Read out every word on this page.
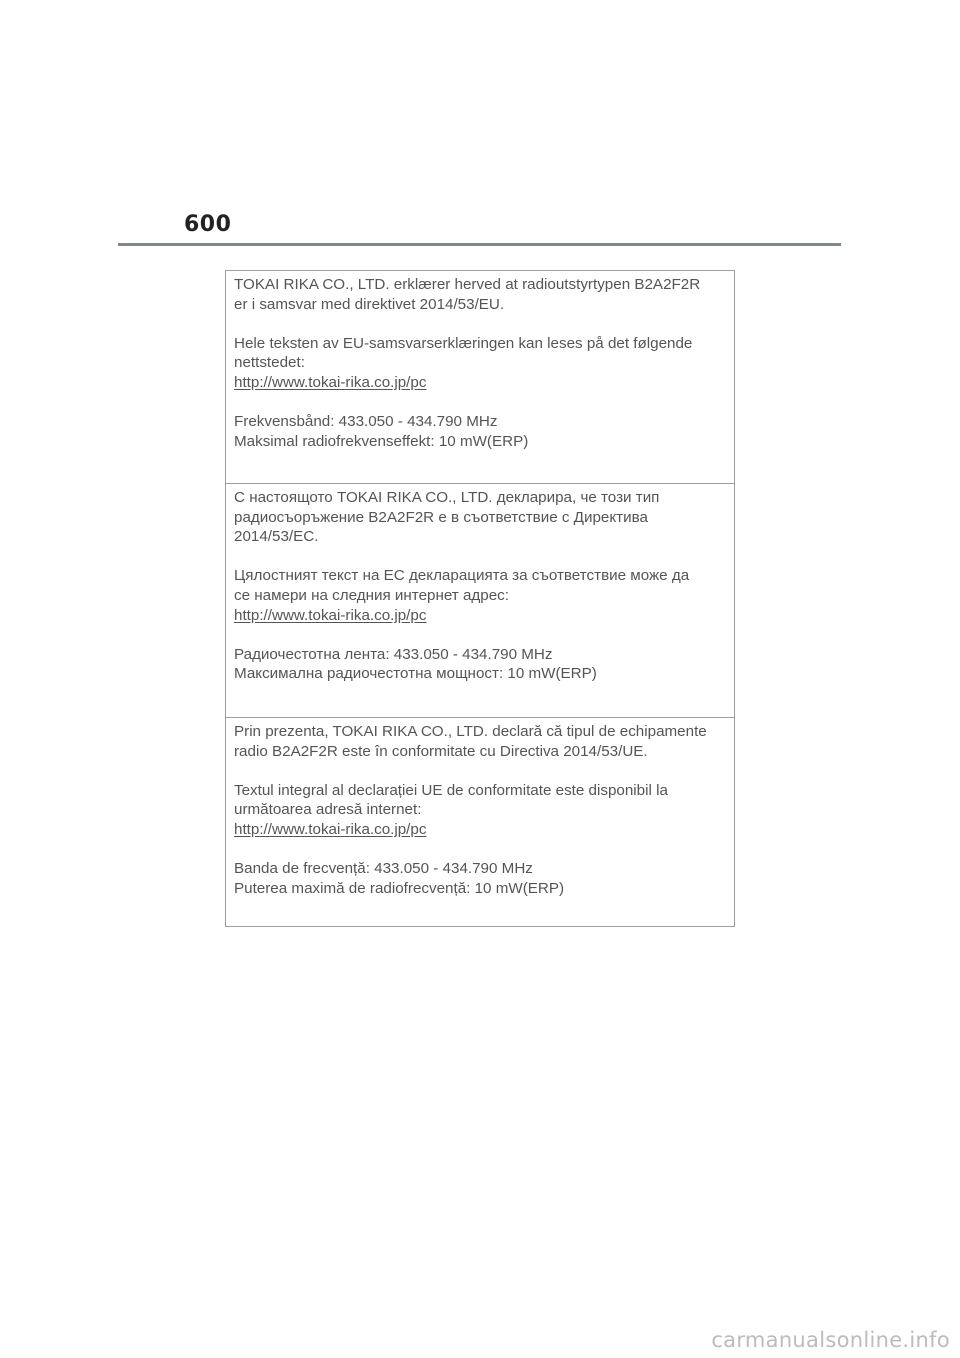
600

TOKAI RIKA CO., LTD. erklærer herved at radioutstyrtypen B2A2F2R
er i samsvar med direktivet 2014/53/EU.

Hele teksten av EU-samsvarserklæringen kan leses på det følgende
nettstedet:
http://www.tokai-rika.co.jp/pc

Frekvensbånd: 433.050 - 434.790 MHz
Maksimal radiofrekvenseffekt: 10 mW(ERP)

С настоящото TOKAI RIKA CO., LTD. декларира, че този тип
радиосъоръжение B2A2F2R е в съответствие с Директива
2014/53/ЕС.

Цялостният текст на ЕС декларацията за съответствие може да
се намери на следния интернет адрес:
http://www.tokai-rika.co.jp/pc

Радиочестотна лента: 433.050 - 434.790 MHz
Максимална радиочестотна мощност: 10 mW(ERP)

Prin prezenta, TOKAI RIKA CO., LTD. declară că tipul de echipamente
radio B2A2F2R este în conformitate cu Directiva 2014/53/UE.

Textul integral al declarației UE de conformitate este disponibil la
următoarea adresă internet:
http://www.tokai-rika.co.jp/pc

Banda de frecvență: 433.050 - 434.790 MHz
Puterea maximă de radiofrecvență: 10 mW(ERP)

carmanualsonline.info
